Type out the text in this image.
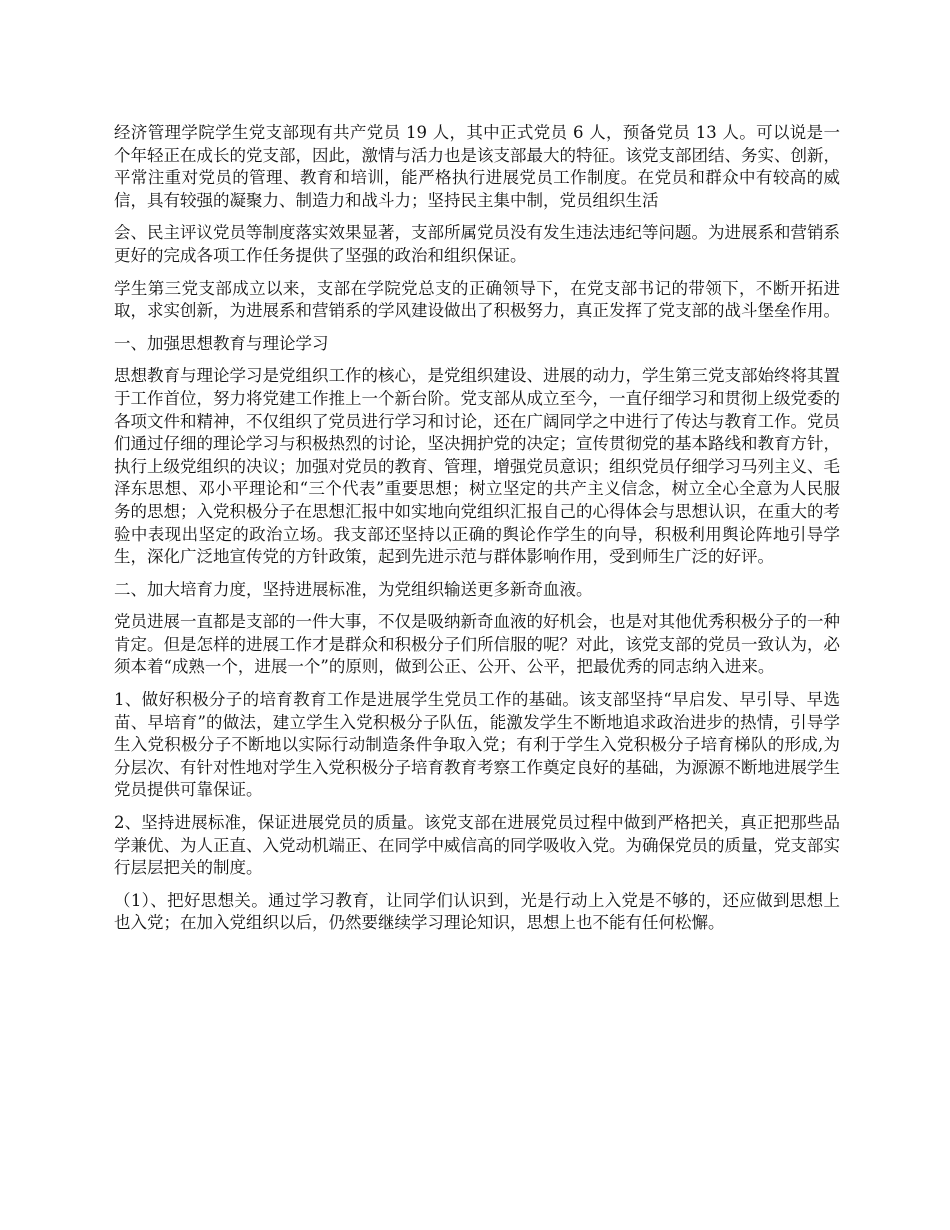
经济管理学院学生党支部现有共产党员 19 人，其中正式党员 6 人，预备党员 13 人。可以说是一个年轻正在成长的党支部，因此，激情与活力也是该支部最大的特征。该党支部团结、务实、创新，平常注重对党员的管理、教育和培训，能严格执行进展党员工作制度。在党员和群众中有较高的威信，具有较强的凝聚力、制造力和战斗力；坚持民主集中制，党员组织生活

会、民主评议党员等制度落实效果显著，支部所属党员没有发生违法违纪等问题。为进展系和营销系更好的完成各项工作任务提供了坚强的政治和组织保证。

学生第三党支部成立以来，支部在学院党总支的正确领导下，在党支部书记的带领下，不断开拓进取，求实创新，为进展系和营销系的学风建设做出了积极努力，真正发挥了党支部的战斗堡垒作用。

一、加强思想教育与理论学习

思想教育与理论学习是党组织工作的核心，是党组织建设、进展的动力，学生第三党支部始终将其置于工作首位，努力将党建工作推上一个新台阶。党支部从成立至今，一直仔细学习和贯彻上级党委的各项文件和精神，不仅组织了党员进行学习和讨论，还在广阔同学之中进行了传达与教育工作。党员们通过仔细的理论学习与积极热烈的讨论，坚决拥护党的决定；宣传贯彻党的基本路线和教育方针，执行上级党组织的决议；加强对党员的教育、管理，增强党员意识；组织党员仔细学习马列主义、毛泽东思想、邓小平理论和“三个代表”重要思想；树立坚定的共产主义信念，树立全心全意为人民服务的思想；入党积极分子在思想汇报中如实地向党组织汇报自己的心得体会与思想认识，在重大的考验中表现出坚定的政治立场。我支部还坚持以正确的舆论作学生的向导，积极利用舆论阵地引导学生，深化广泛地宣传党的方针政策，起到先进示范与群体影响作用，受到师生广泛的好评。

二、加大培育力度，坚持进展标准，为党组织输送更多新奇血液。

党员进展一直都是支部的一件大事，不仅是吸纳新奇血液的好机会，也是对其他优秀积极分子的一种肯定。但是怎样的进展工作才是群众和积极分子们所信服的呢？对此，该党支部的党员一致认为，必须本着“成熟一个，进展一个”的原则，做到公正、公开、公平，把最优秀的同志纳入进来。

1、做好积极分子的培育教育工作是进展学生党员工作的基础。该支部坚持“早启发、早引导、早选苗、早培育”的做法，建立学生入党积极分子队伍，能激发学生不断地追求政治进步的热情，引导学生入党积极分子不断地以实际行动制造条件争取入党；有利于学生入党积极分子培育梯队的形成,为分层次、有针对性地对学生入党积极分子培育教育考察工作奠定良好的基础，为源源不断地进展学生党员提供可靠保证。

2、坚持进展标准，保证进展党员的质量。该党支部在进展党员过程中做到严格把关，真正把那些品学兼优、为人正直、入党动机端正、在同学中威信高的同学吸收入党。为确保党员的质量，党支部实行层层把关的制度。

（1）、把好思想关。通过学习教育，让同学们认识到，光是行动上入党是不够的，还应做到思想上也入党；在加入党组织以后，仍然要继续学习理论知识，思想上也不能有任何松懈。
